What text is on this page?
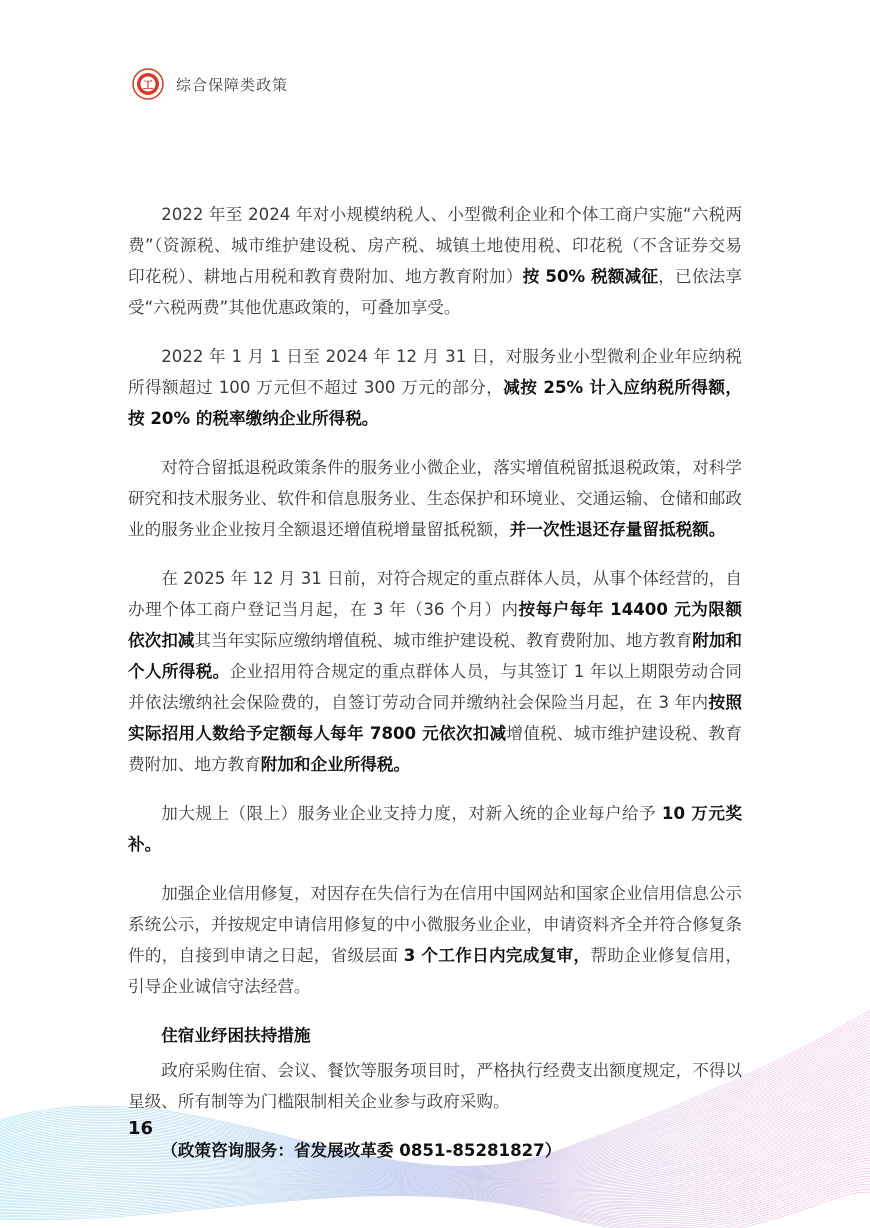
工 综合保障类政策

2022 年至 2024 年对小规模纳税人、小型微利企业和个体工商户实施“六税两费”（资源税、城市维护建设税、房产税、城镇土地使用税、印花税（不含证券交易印花税）、耕地占用税和教育费附加、地方教育附加）按 50% 税额减征，已依法享受“六税两费”其他优惠政策的，可叠加享受。

2022 年 1 月 1 日至 2024 年 12 月 31 日，对服务业小型微利企业年应纳税所得额超过 100 万元但不超过 300 万元的部分，减按 25% 计入应纳税所得额，按 20% 的税率缴纳企业所得税。

对符合留抵退税政策条件的服务业小微企业，落实增值税留抵退税政策，对科学研究和技术服务业、软件和信息服务业、生态保护和环境业、交通运输、仓储和邮政业的服务业企业按月全额退还增值税增量留抵税额，并一次性退还存量留抵税额。

在 2025 年 12 月 31 日前，对符合规定的重点群体人员，从事个体经营的，自办理个体工商户登记当月起，在 3 年（36 个月）内按每户每年 14400 元为限额依次扣减其当年实际应缴纳增值税、城市维护建设税、教育费附加、地方教育附加和个人所得税。企业招用符合规定的重点群体人员，与其签订 1 年以上期限劳动合同并依法缴纳社会保险费的，自签订劳动合同并缴纳社会保险当月起，在 3 年内按照实际招用人数给予定额每人每年 7800 元依次扣减增值税、城市维护建设税、教育费附加、地方教育附加和企业所得税。

加大规上（限上）服务业企业支持力度，对新入统的企业每户给予 10 万元奖补。

加强企业信用修复，对因存在失信行为在信用中国网站和国家企业信用信息公示系统公示，并按规定申请信用修复的中小微服务业企业，申请资料齐全并符合修复条件的，自接到申请之日起，省级层面 3 个工作日内完成复审，帮助企业修复信用，引导企业诚信守法经营。

住宿业纾困扶持措施

政府采购住宿、会议、餐饮等服务项目时，严格执行经费支出额度规定，不得以星级、所有制等为门槛限制相关企业参与政府采购。

（政策咨询服务：省发展改革委 0851-85281827）
16
